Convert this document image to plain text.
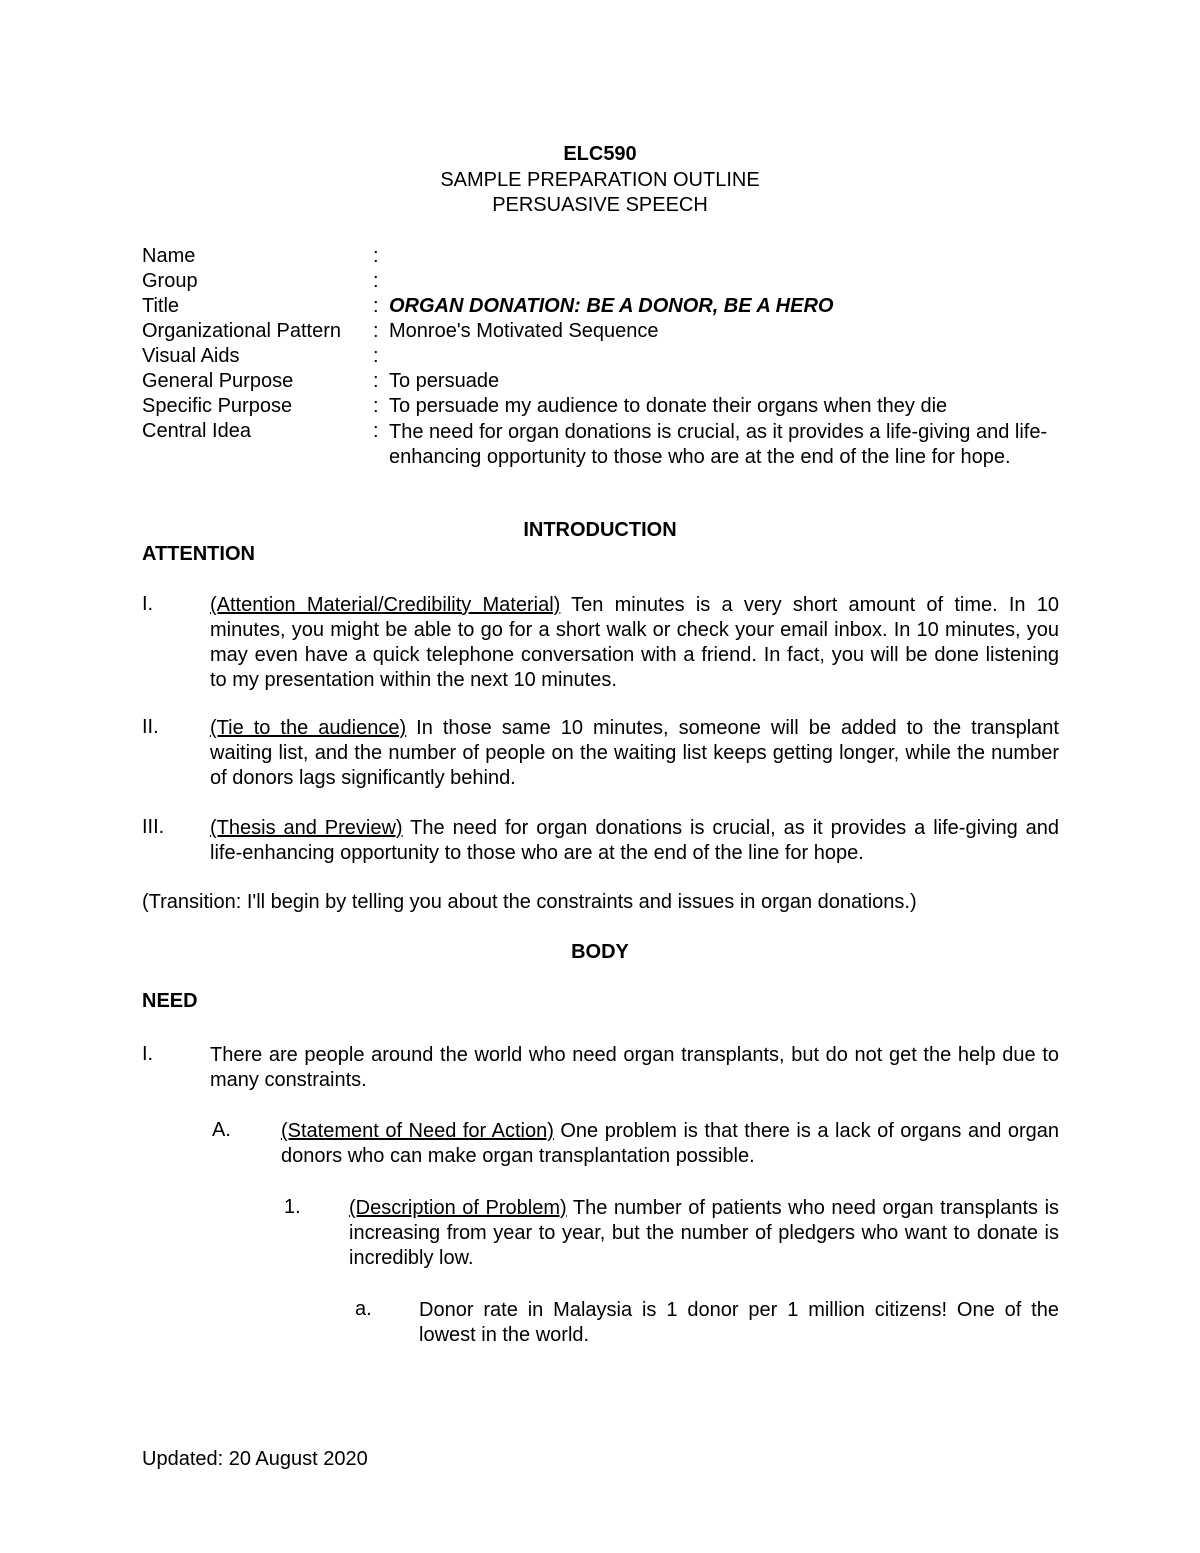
ELC590
SAMPLE PREPARATION OUTLINE
PERSUASIVE SPEECH
Name	:
Group	:
Title	: ORGAN DONATION: BE A DONOR, BE A HERO
Organizational Pattern : Monroe's Motivated Sequence
Visual Aids	:
General Purpose	: To persuade
Specific Purpose	: To persuade my audience to donate their organs when they die
Central Idea	: The need for organ donations is crucial, as it provides a life-giving and life-enhancing opportunity to those who are at the end of the line for hope.
INTRODUCTION
ATTENTION
I.	(Attention Material/Credibility Material) Ten minutes is a very short amount of time. In 10 minutes, you might be able to go for a short walk or check your email inbox. In 10 minutes, you may even have a quick telephone conversation with a friend. In fact, you will be done listening to my presentation within the next 10 minutes.
II.	(Tie to the audience) In those same 10 minutes, someone will be added to the transplant waiting list, and the number of people on the waiting list keeps getting longer, while the number of donors lags significantly behind.
III. (Thesis and Preview) The need for organ donations is crucial, as it provides a life-giving and life-enhancing opportunity to those who are at the end of the line for hope.
(Transition: I'll begin by telling you about the constraints and issues in organ donations.)
BODY
NEED
I.	There are people around the world who need organ transplants, but do not get the help due to many constraints.
A.	(Statement of Need for Action) One problem is that there is a lack of organs and organ donors who can make organ transplantation possible.
1. (Description of Problem) The number of patients who need organ transplants is increasing from year to year, but the number of pledgers who want to donate is incredibly low.
a. Donor rate in Malaysia is 1 donor per 1 million citizens! One of the lowest in the world.
Updated: 20 August 2020
